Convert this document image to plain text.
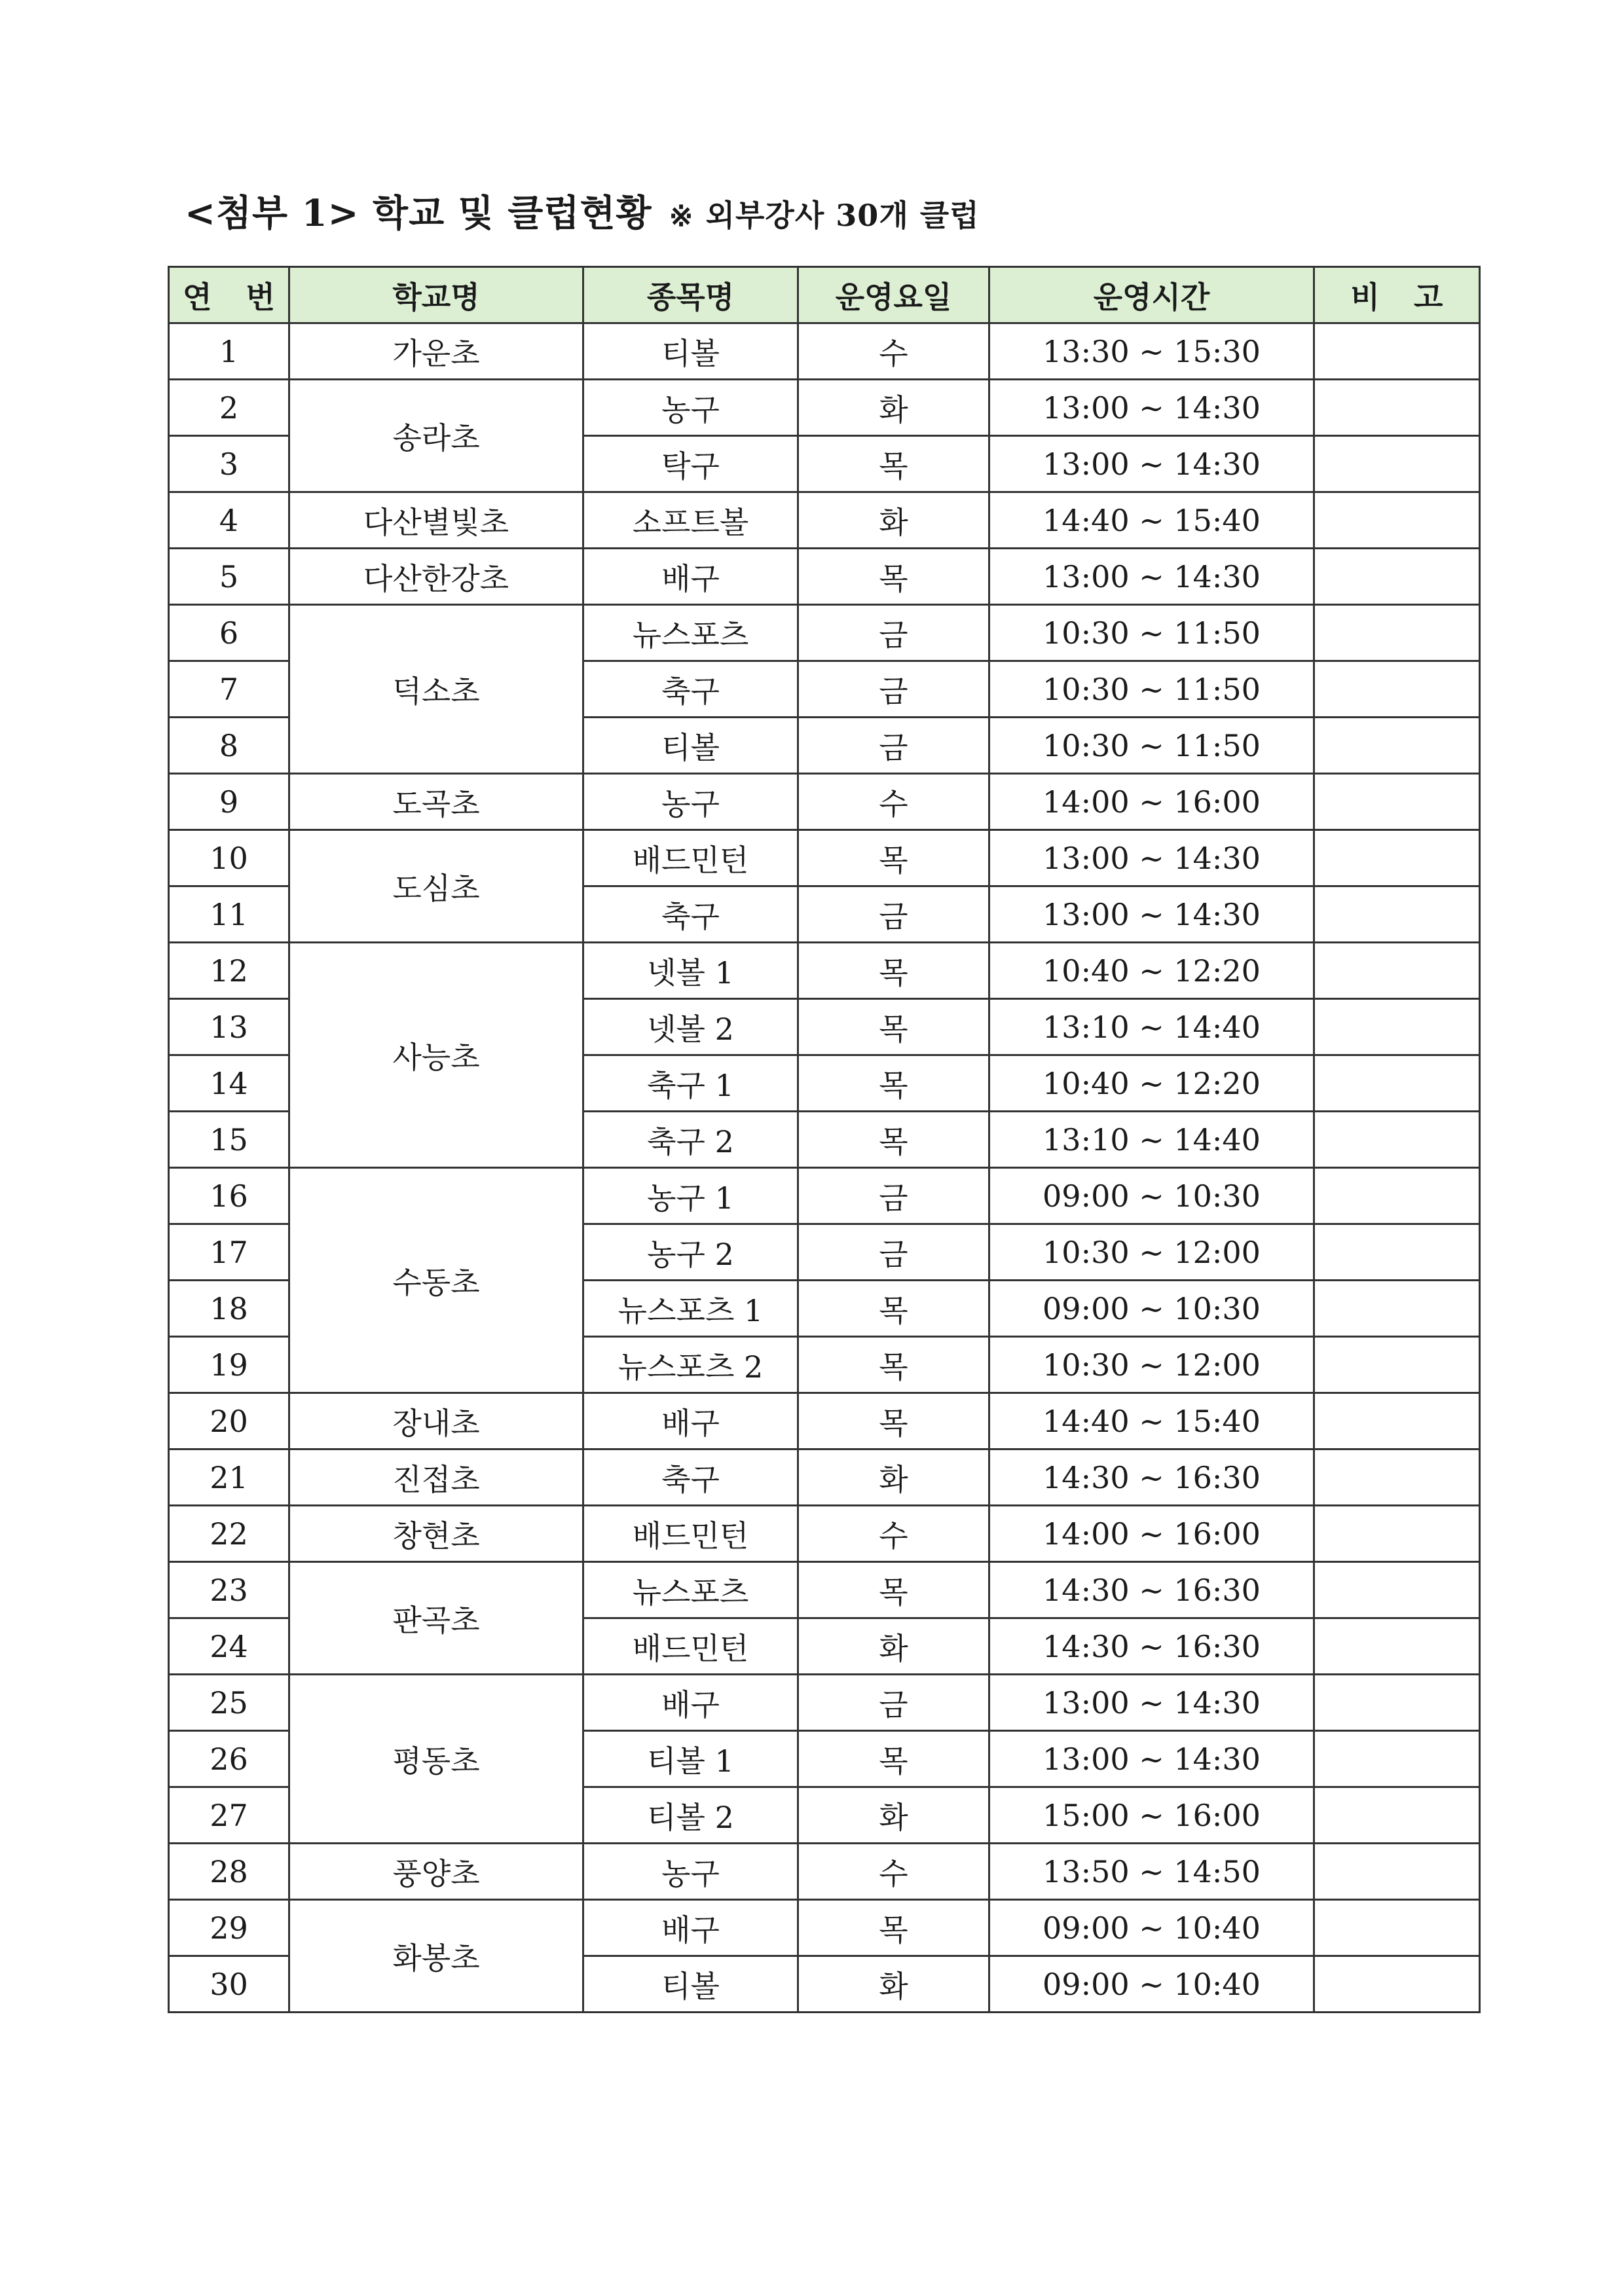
<첨부 1> 학교 및 클럽현황 ※ 외부강사 30개 클럽
연 번	학교명	종목명	운영요일	운영시간	비 고
1	가운초	티볼	수	13:30 ~ 15:30	
2	송라초	농구	화	13:00 ~ 14:30	
3		탁구	목	13:00 ~ 14:30	
4	다산별빛초	소프트볼	화	14:40 ~ 15:40	
5	다산한강초	배구	목	13:00 ~ 14:30	
6	덕소초	뉴스포츠	금	10:30 ~ 11:50	
7		축구	금	10:30 ~ 11:50	
8		티볼	금	10:30 ~ 11:50	
9	도곡초	농구	수	14:00 ~ 16:00	
10	도심초	배드민턴	목	13:00 ~ 14:30	
11		축구	금	13:00 ~ 14:30	
12	사능초	넷볼 1	목	10:40 ~ 12:20	
13		넷볼 2	목	13:10 ~ 14:40	
14		축구 1	목	10:40 ~ 12:20	
15		축구 2	목	13:10 ~ 14:40	
16	수동초	농구 1	금	09:00 ~ 10:30	
17		농구 2	금	10:30 ~ 12:00	
18		뉴스포츠 1	목	09:00 ~ 10:30	
19		뉴스포츠 2	목	10:30 ~ 12:00	
20	장내초	배구	목	14:40 ~ 15:40	
21	진접초	축구	화	14:30 ~ 16:30	
22	창현초	배드민턴	수	14:00 ~ 16:00	
23	판곡초	뉴스포츠	목	14:30 ~ 16:30	
24		배드민턴	화	14:30 ~ 16:30	
25	평동초	배구	금	13:00 ~ 14:30	
26		티볼 1	목	13:00 ~ 14:30	
27		티볼 2	화	15:00 ~ 16:00	
28	풍양초	농구	수	13:50 ~ 14:50	
29	화봉초	배구	목	09:00 ~ 10:40	
30		티볼	화	09:00 ~ 10:40	
